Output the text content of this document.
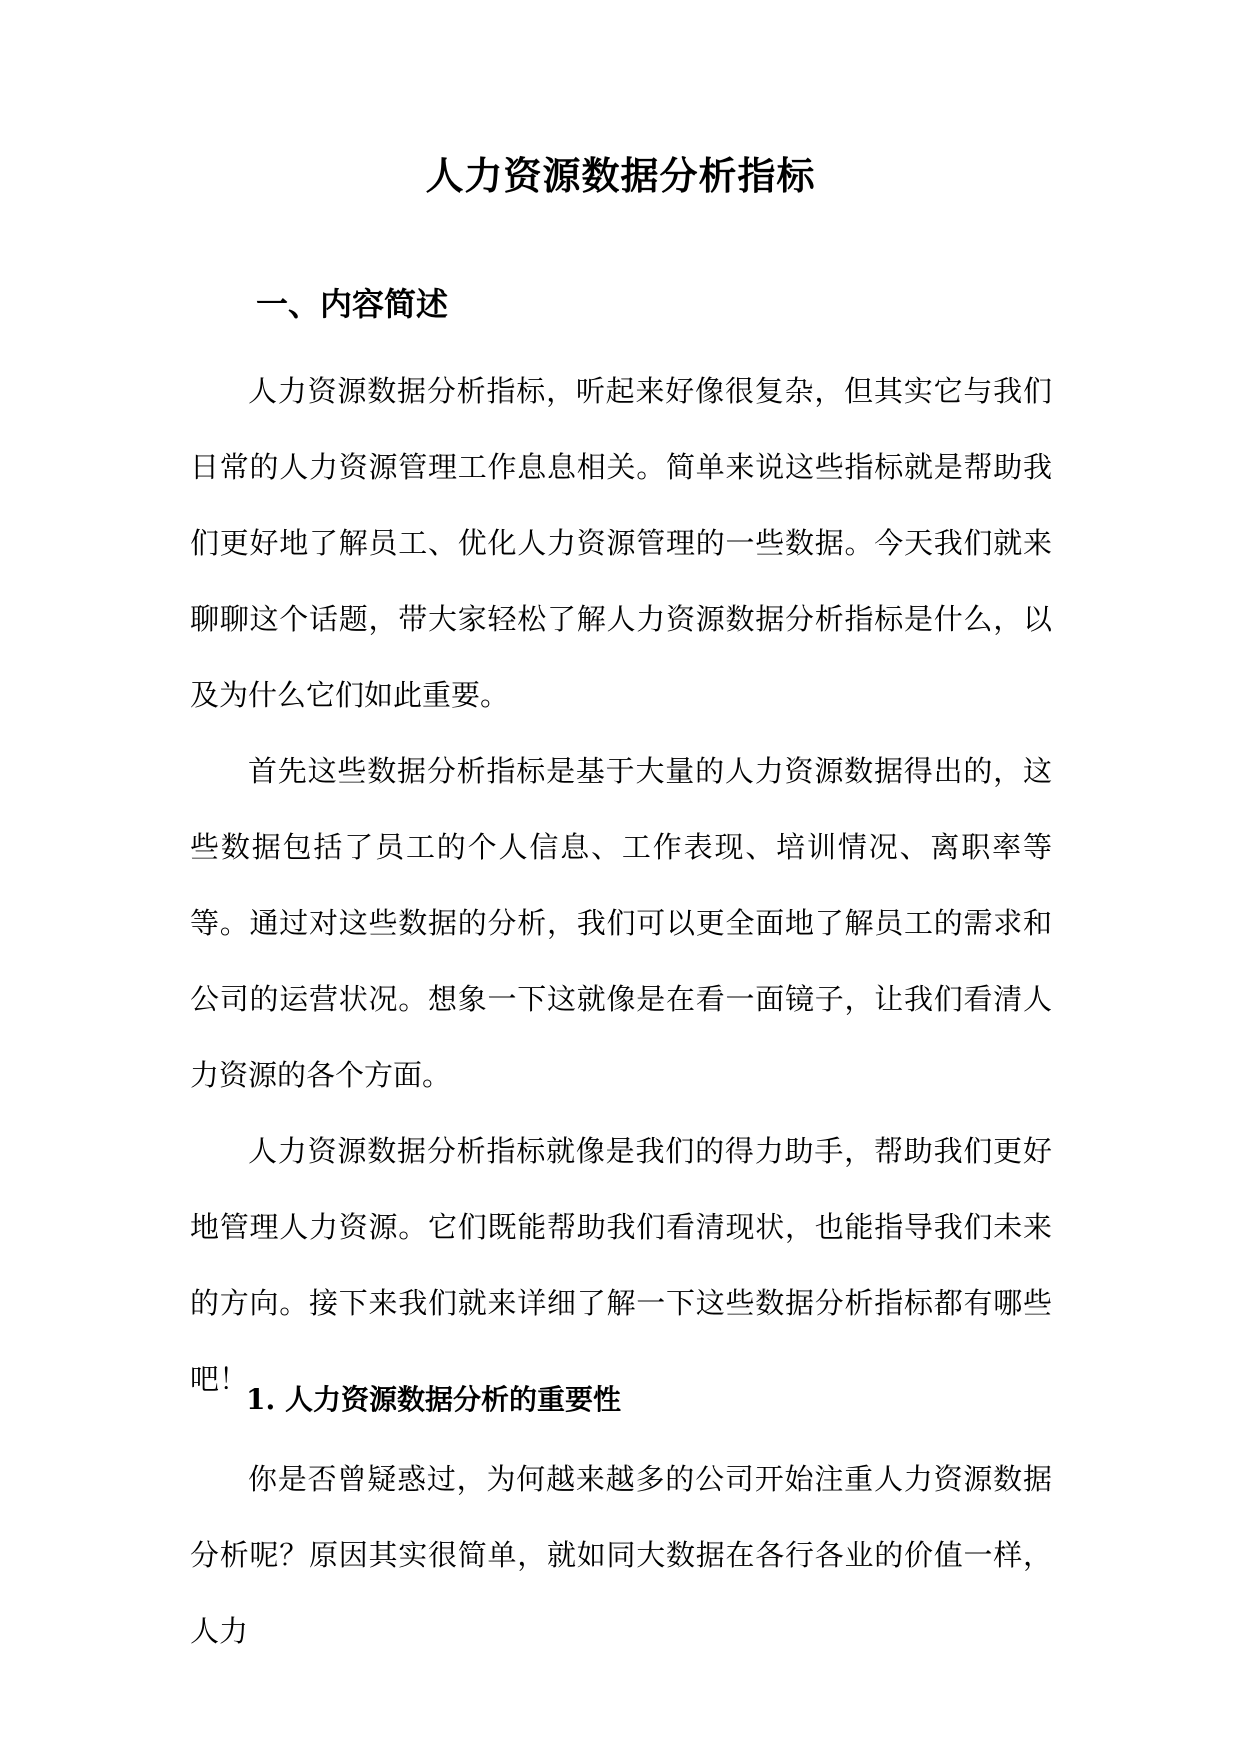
人力资源数据分析指标
一、内容简述

人力资源数据分析指标，听起来好像很复杂，但其实它与我们日常的人力资源管理工作息息相关。简单来说这些指标就是帮助我们更好地了解员工、优化人力资源管理的一些数据。今天我们就来聊聊这个话题，带大家轻松了解人力资源数据分析指标是什么，以及为什么它们如此重要。

首先这些数据分析指标是基于大量的人力资源数据得出的，这些数据包括了员工的个人信息、工作表现、培训情况、离职率等等。通过对这些数据的分析，我们可以更全面地了解员工的需求和公司的运营状况。想象一下这就像是在看一面镜子，让我们看清人力资源的各个方面。

人力资源数据分析指标就像是我们的得力助手，帮助我们更好地管理人力资源。它们既能帮助我们看清现状，也能指导我们未来的方向。接下来我们就来详细了解一下这些数据分析指标都有哪些吧！

1. 人力资源数据分析的重要性

你是否曾疑惑过，为何越来越多的公司开始注重人力资源数据分析呢？原因其实很简单，就如同大数据在各行各业的价值一样，人力
